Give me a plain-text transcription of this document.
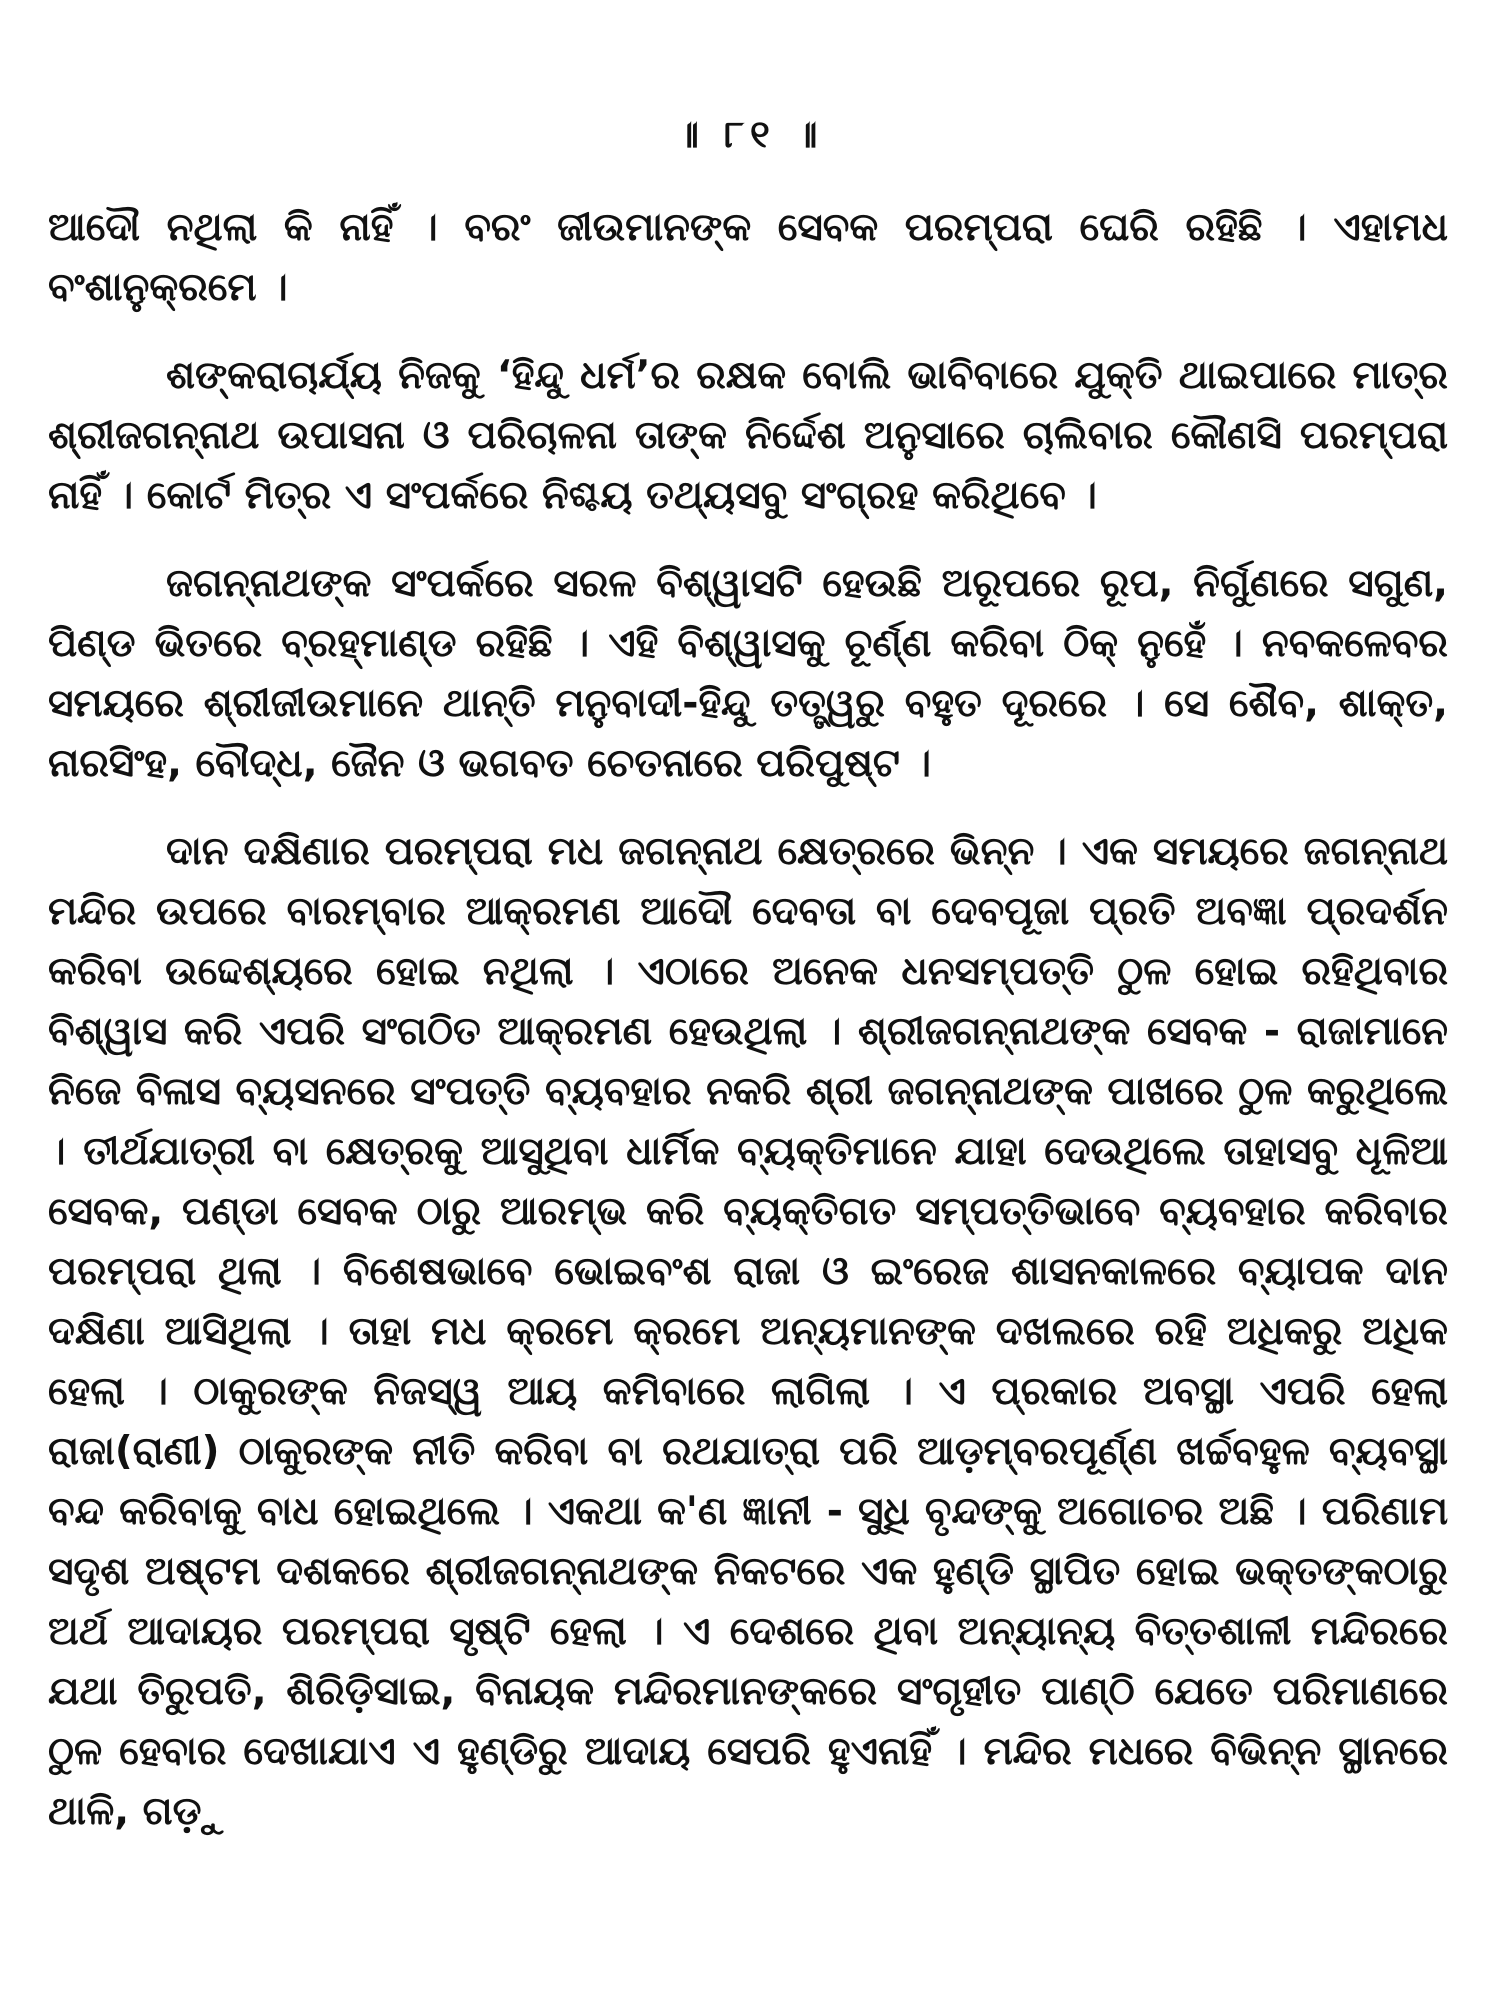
॥ ୮୧ ॥

ଆଦୌ ନଥିଲା କି ନାହିଁ । ବରଂ ଜୀଉମାନଙ୍କ ସେବକ ପରମ୍ପରା ଘେରି ରହିଛି । ଏହାମଧ ବଂଶାନୁକ୍ରମେ ।

ଶଙ୍କରାଚାର୍ଯ୍ୟ ନିଜକୁ ‘ହିନ୍ଦୁ ଧର୍ମ’ର ରକ୍ଷକ ବୋଲି ଭାବିବାରେ ଯୁକ୍ତି ଥାଇପାରେ ମାତ୍ର ଶ୍ରୀଜଗନ୍ନାଥ ଉପାସନା ଓ ପରିଚାଳନା ତାଙ୍କ ନିର୍ଦ୍ଦେଶ ଅନୁସାରେ ଚାଲିବାର କୌଣସି ପରମ୍ପରା ନାହିଁ । କୋର୍ଟ ମିତ୍ର ଏ ସଂପର୍କରେ ନିଶ୍ଚୟ ତଥ୍ୟସବୁ ସଂଗ୍ରହ କରିଥିବେ ।

ଜଗନ୍ନାଥଙ୍କ ସଂପର୍କରେ ସରଳ ବିଶ୍ୱାସଟି ହେଉଛି ଅରୂପରେ ରୂପ, ନିର୍ଗୁଣରେ ସଗୁଣ, ପିଣ୍ଡ ଭିତରେ ବ୍ରହ୍ମାଣ୍ଡ ରହିଛି । ଏହି ବିଶ୍ୱାସକୁ ଚୂର୍ଣ୍ଣ କରିବା ଠିକ୍ ନୁହେଁ । ନବକଳେବର ସମୟରେ ଶ୍ରୀଜୀଉମାନେ ଥାନ୍ତି ମନୁବାଦୀ-ହିନ୍ଦୁ ତତ୍ତ୍ୱରୁ ବହୁତ ଦୂରରେ । ସେ ଶୈବ, ଶାକ୍ତ, ନାରସିଂହ, ବୌଦ୍ଧ, ଜୈନ ଓ ଭଗବତ ଚେତନାରେ ପରିପୁଷ୍ଟ ।

ଦାନ ଦକ୍ଷିଣାର ପରମ୍ପରା ମଧ ଜଗନ୍ନାଥ କ୍ଷେତ୍ରରେ ଭିନ୍ନ । ଏକ ସମୟରେ ଜଗନ୍ନାଥ ମନ୍ଦିର ଉପରେ ବାରମ୍ବାର ଆକ୍ରମଣ ଆଦୌ ଦେବତା ବା ଦେବପୂଜା ପ୍ରତି ଅବଜ୍ଞା ପ୍ରଦର୍ଶନ କରିବା ଉଦ୍ଦେଶ୍ୟରେ ହୋଇ ନଥିଲା । ଏଠାରେ ଅନେକ ଧନସମ୍ପତ୍ତି ଠୁଳ ହୋଇ ରହିଥିବାର ବିଶ୍ୱାସ କରି ଏପରି ସଂଗଠିତ ଆକ୍ରମଣ ହେଉଥିଲା । ଶ୍ରୀଜଗନ୍ନାଥଙ୍କ ସେବକ - ରାଜାମାନେ ନିଜେ ବିଳାସ ବ୍ୟସନରେ ସଂପତ୍ତି ବ୍ୟବହାର ନକରି ଶ୍ରୀ ଜଗନ୍ନାଥଙ୍କ ପାଖରେ ଠୁଳ କରୁଥିଲେ । ତୀର୍ଥଯାତ୍ରୀ ବା କ୍ଷେତ୍ରକୁ ଆସୁଥିବା ଧାର୍ମିକ ବ୍ୟକ୍ତିମାନେ ଯାହା ଦେଉଥିଲେ ତାହାସବୁ ଧୂଳିଆ ସେବକ, ପଣ୍ଡା ସେବକ ଠାରୁ ଆରମ୍ଭ କରି ବ୍ୟକ୍ତିଗତ ସମ୍ପତ୍ତିଭାବେ ବ୍ୟବହାର କରିବାର ପରମ୍ପରା ଥିଲା । ବିଶେଷଭାବେ ଭୋଇବଂଶ ରାଜା ଓ ଇଂରେଜ ଶାସନକାଳରେ ବ୍ୟାପକ ଦାନ ଦକ୍ଷିଣା ଆସିଥିଲା । ତାହା ମଧ କ୍ରମେ କ୍ରମେ ଅନ୍ୟମାନଙ୍କ ଦଖଲରେ ରହି ଅଧିକରୁ ଅଧିକ ହେଲା । ଠାକୁରଙ୍କ ନିଜସ୍ୱ ଆୟ କମିବାରେ ଲାଗିଲା । ଏ ପ୍ରକାର ଅବସ୍ଥା ଏପରି ହେଲା ରାଜା(ରାଣୀ) ଠାକୁରଙ୍କ ନୀତି କରିବା ବା ରଥଯାତ୍ରା ପରି ଆଡ଼ମ୍ବରପୂର୍ଣ୍ଣ ଖର୍ଚ୍ଚବହୁଳ ବ୍ୟବସ୍ଥା ବନ୍ଦ କରିବାକୁ ବାଧ ହୋଇଥିଲେ । ଏକଥା କ'ଣ ଜ୍ଞାନୀ - ସୁଧି ବୃନ୍ଦଙ୍କୁ ଅଗୋଚର ଅଛି । ପରିଣାମ ସଦୃଶ ଅଷ୍ଟମ ଦଶକରେ ଶ୍ରୀଜଗନ୍ନାଥଙ୍କ ନିକଟରେ ଏକ ହୁଣ୍ଡି ସ୍ଥାପିତ ହୋଇ ଭକ୍ତଙ୍କଠାରୁ ଅର୍ଥ ଆଦାୟର ପରମ୍ପରା ସୃଷ୍ଟି ହେଲା । ଏ ଦେଶରେ ଥିବା ଅନ୍ୟାନ୍ୟ ବିତ୍ତଶାଳୀ ମନ୍ଦିରରେ ଯଥା ତିରୁପତି, ଶିରିଡ଼ିସାଇ, ବିନାୟକ ମନ୍ଦିରମାନଙ୍କରେ ସଂଗୃହୀତ ପାଣ୍ଠି ଯେତେ ପରିମାଣରେ ଠୁଳ ହେବାର ଦେଖାଯାଏ ଏ ହୁଣ୍ଡିରୁ ଆଦାୟ ସେପରି ହୁଏନାହିଁ । ମନ୍ଦିର ମଧରେ ବିଭିନ୍ନ ସ୍ଥାନରେ ଥାଳି, ଗଡ଼ୁ
